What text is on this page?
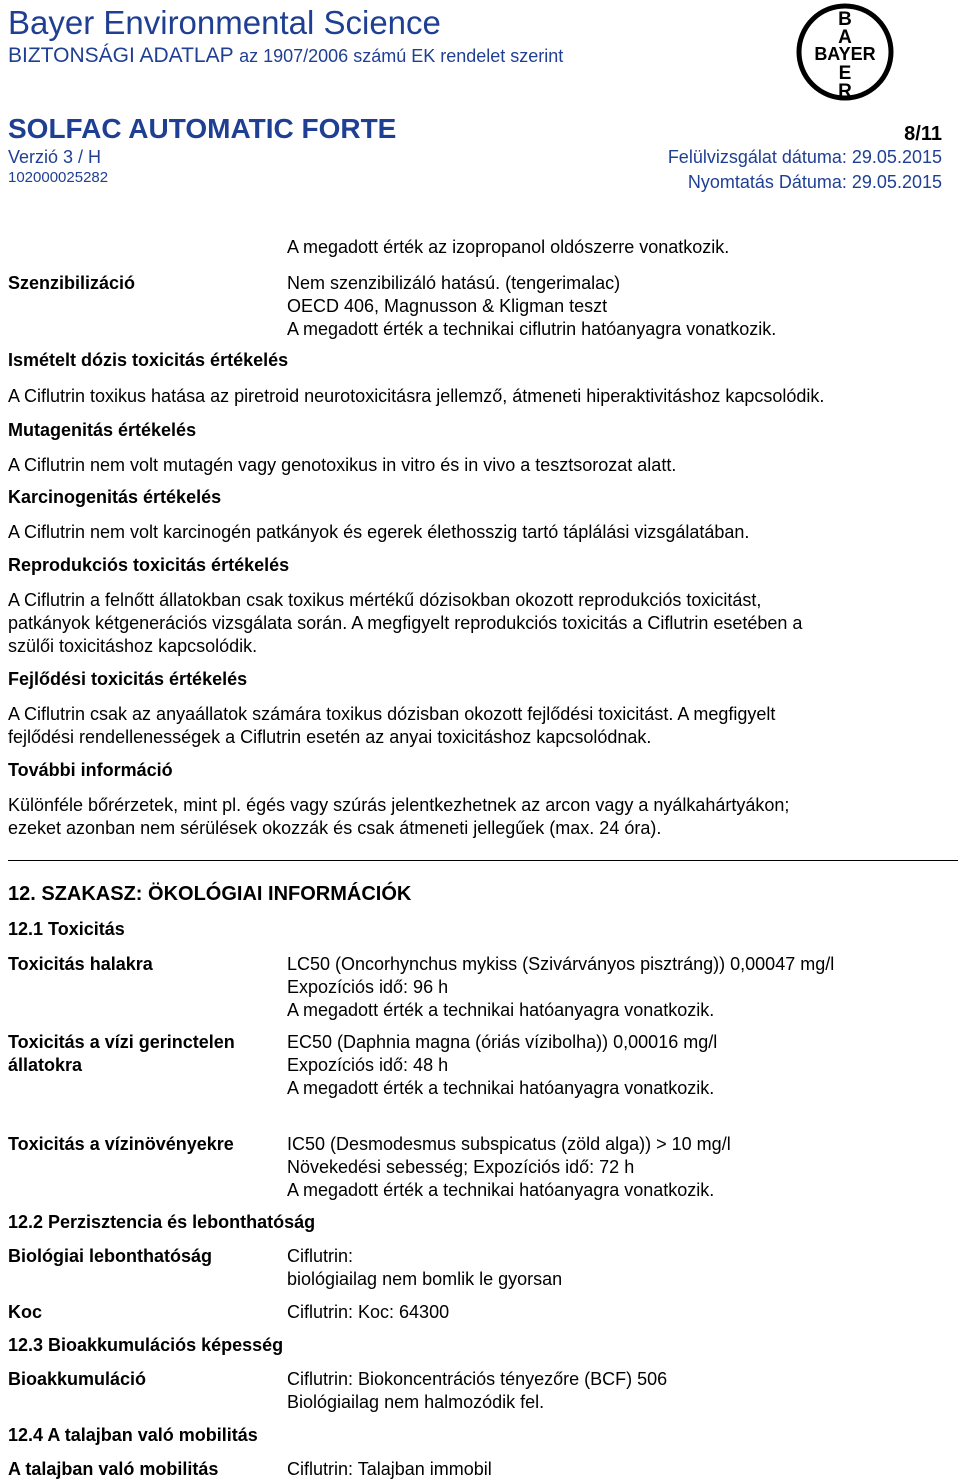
Bayer Environmental Science
BIZTONSÁGI ADATLAP az 1907/2006 számú EK rendelet szerint
SOLFAC AUTOMATIC FORTE	8/11
Verzió 3 / H
102000025282
Felülvizsgálat dátuma: 29.05.2015
Nyomtatás Dátuma: 29.05.2015
B
A
BAYER
E
R
A megadott érték az izopropanol oldószerre vonatkozik.
Szenzibilizáció	Nem szenzibilizáló hatású. (tengerimalac)
OECD 406, Magnusson & Kligman teszt
A megadott érték a technikai ciflutrin hatóanyagra vonatkozik.
Ismételt dózis toxicitás értékelés
A Ciflutrin toxikus hatása az piretroid neurotoxicitásra jellemző, átmeneti hiperaktivitáshoz kapcsolódik.
Mutagenitás értékelés
A Ciflutrin nem volt mutagén vagy genotoxikus in vitro és in vivo a tesztsorozat alatt.
Karcinogenitás értékelés
A Ciflutrin nem volt karcinogén patkányok és egerek élethosszig tartó táplálási vizsgálatában.
Reprodukciós toxicitás értékelés
A Ciflutrin a felnőtt állatokban csak toxikus mértékű dózisokban okozott reprodukciós toxicitást,
patkányok kétgenerációs vizsgálata során. A megfigyelt reprodukciós toxicitás a Ciflutrin esetében a
szülői toxicitáshoz kapcsolódik.
Fejlődési toxicitás értékelés
A Ciflutrin csak az anyaállatok számára toxikus dózisban okozott fejlődési toxicitást. A megfigyelt
fejlődési rendellenességek a Ciflutrin esetén az anyai toxicitáshoz kapcsolódnak.
További információ
Különféle bőrérzetek, mint pl. égés vagy szúrás jelentkezhetnek az arcon vagy a nyálkahártyákon;
ezeket azonban nem sérülések okozzák és csak átmeneti jellegűek (max. 24 óra).
12. SZAKASZ: ÖKOLÓGIAI INFORMÁCIÓK
12.1 Toxicitás
Toxicitás halakra	LC50 (Oncorhynchus mykiss (Szivárványos pisztráng)) 0,00047 mg/l
Expozíciós idő: 96 h
A megadott érték a technikai hatóanyagra vonatkozik.
Toxicitás a vízi gerinctelen
állatokra
EC50 (Daphnia magna (óriás vízibolha)) 0,00016 mg/l
Expozíciós idő: 48 h
A megadott érték a technikai hatóanyagra vonatkozik.
Toxicitás a vízinövényekre	IC50 (Desmodesmus subspicatus (zöld alga)) > 10 mg/l
Növekedési sebesség; Expozíciós idő: 72 h
A megadott érték a technikai hatóanyagra vonatkozik.
12.2 Perzisztencia és lebonthatóság
Biológiai lebonthatóság	Ciflutrin:
biológiailag nem bomlik le gyorsan
Koc	Ciflutrin: Koc: 64300
12.3 Bioakkumulációs képesség
Bioakkumuláció	Ciflutrin: Biokoncentrációs tényezőre (BCF) 506
Biológiailag nem halmozódik fel.
12.4 A talajban való mobilitás
A talajban való mobilitás	Ciflutrin: Talajban immobil
